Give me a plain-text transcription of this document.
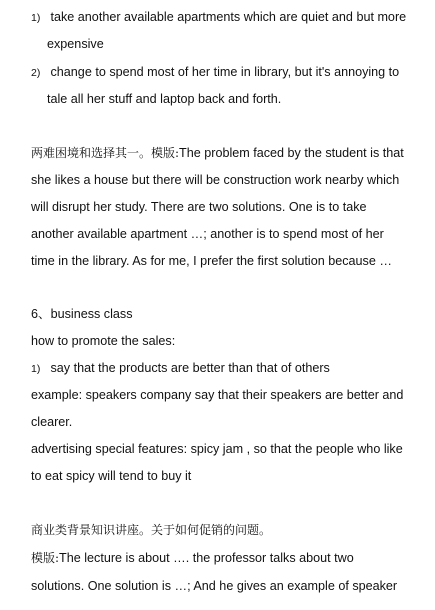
1) take another available apartments which are quiet and but more
expensive
2) change to spend most of her time in library, but it's annoying to
tale all her stuff and laptop back and forth.
两难困境和选择其一。模版:The problem faced by the student is that
she likes a house but there will be construction work nearby which
will disrupt her study. There are two solutions. One is to take
another available apartment …; another is to spend most of her
time in the library. As for me, I prefer the first solution because …
6、business class
how to promote the sales:
1) say that the products are better than that of others
example: speakers company say that their speakers are better and
clearer.
advertising special features: spicy jam , so that the people who like
to eat spicy will tend to buy it
商业类背景知识讲座。关于如何促销的问题。
模版:The lecture is about …. the professor talks about two
solutions. One solution is …; And he gives an example of speaker
